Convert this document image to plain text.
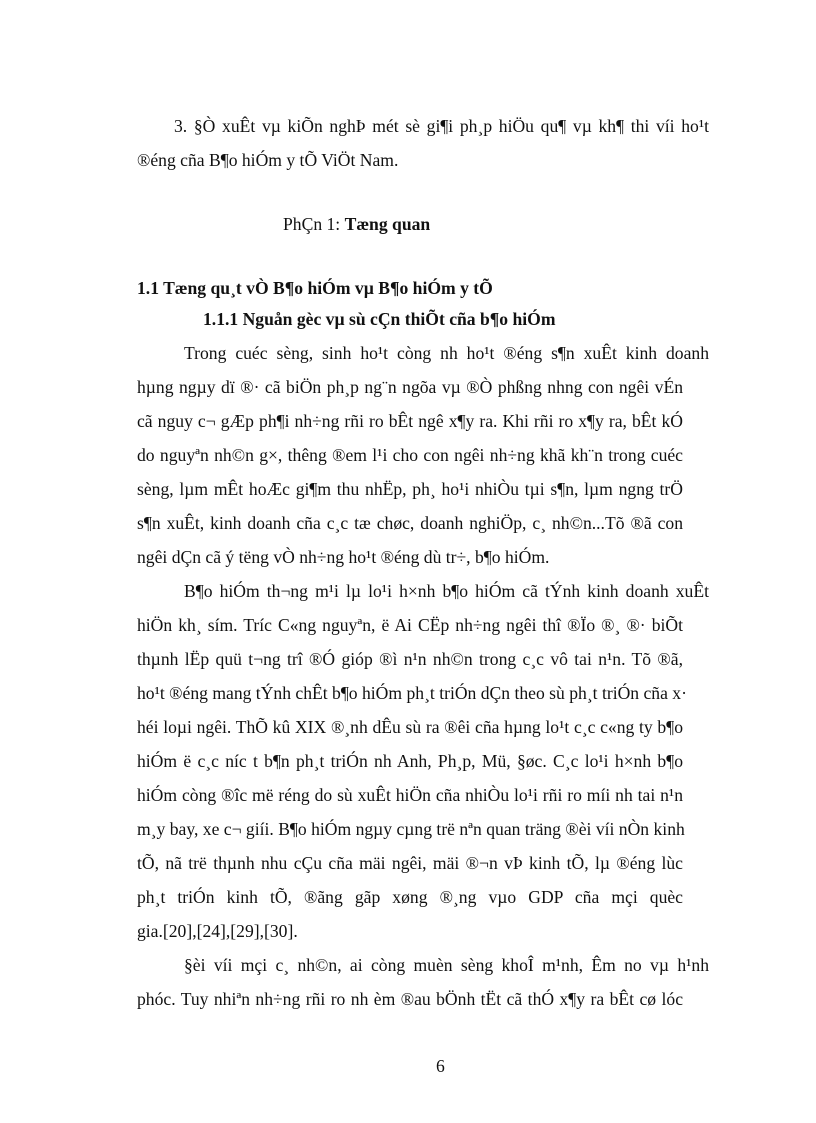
3. §Ò xuÊt vµ kiÕn nghÞ mét sè gi¶i ph¸p hiÖu qu¶ vµ kh¶ thi víi ho¹t
®éng cña B¶o hiÓm y tÕ ViÖt Nam.
PhÇn 1: Tæng quan
1.1 Tæng qu¸t vÒ B¶o hiÓm vµ B¶o hiÓm y tÕ
1.1.1 Nguån gèc vµ sù cÇn thiÕt cña b¶o hiÓm
Trong cuéc sèng, sinh ho¹t còng nh ho¹t ®éng s¶n xuÊt kinh doanh
hµng ngµy dï ®· cã biÖn ph¸p ng¨n ngõa vµ ®Ò phßng nhng con ngêi vÉn
cã nguy c¬ gÆp ph¶i nh÷ng rñi ro bÊt ngê x¶y ra. Khi rñi ro x¶y ra, bÊt kÓ
do nguyªn nh©n g×, thêng ®em l¹i cho con ngêi nh÷ng khã kh¨n trong cuéc
sèng, lµm mÊt hoÆc gi¶m thu nhËp, ph¸ ho¹i nhiÒu tµi s¶n, lµm ngng trÖ
s¶n xuÊt, kinh doanh cña c¸c tæ chøc, doanh nghiÖp, c¸ nh©n...Tõ ®ã con
ngêi dÇn cã ý tëng vÒ nh÷ng ho¹t ®éng dù tr÷, b¶o hiÓm.
B¶o hiÓm th¬ng m¹i lµ lo¹i h×nh b¶o hiÓm cã tÝnh kinh doanh xuÊt
hiÖn kh¸ sím. Tríc C«ng nguyªn, ë Ai CËp nh÷ng ngêi thî ®Ïo ®¸ ®· biÕt
thµnh lËp quü t¬ng trî ®Ó gióp ®ì n¹n nh©n trong c¸c vô tai n¹n. Tõ ®ã,
ho¹t ®éng mang tÝnh chÊt b¶o hiÓm ph¸t triÓn dÇn theo sù ph¸t triÓn cña x·
héi loµi ngêi. ThÕ kû XIX ®¸nh dÊu sù ra ®êi cña hµng lo¹t c¸c c«ng ty b¶o
hiÓm ë c¸c níc t b¶n ph¸t triÓn nh Anh, Ph¸p, Mü, §øc. C¸c lo¹i h×nh b¶o
hiÓm còng ®îc më réng do sù xuÊt hiÖn cña nhiÒu lo¹i rñi ro míi nh tai n¹n
m¸y bay, xe c¬ giíi. B¶o hiÓm ngµy cµng trë nªn quan träng ®èi víi nÒn kinh
tÕ, nã trë thµnh nhu cÇu cña mäi ngêi, mäi ®¬n vÞ kinh tÕ, lµ ®éng lùc
ph¸t triÓn kinh tÕ, ®ãng gãp xøng ®¸ng vµo GDP cña mçi quèc
gia.[20],[24],[29],[30].
§èi víi mçi c¸ nh©n, ai còng muèn sèng khoÎ m¹nh, Êm no vµ h¹nh
phóc. Tuy nhiªn nh÷ng rñi ro nh èm ®au bÖnh tËt cã thÓ x¶y ra bÊt cø lóc
6
